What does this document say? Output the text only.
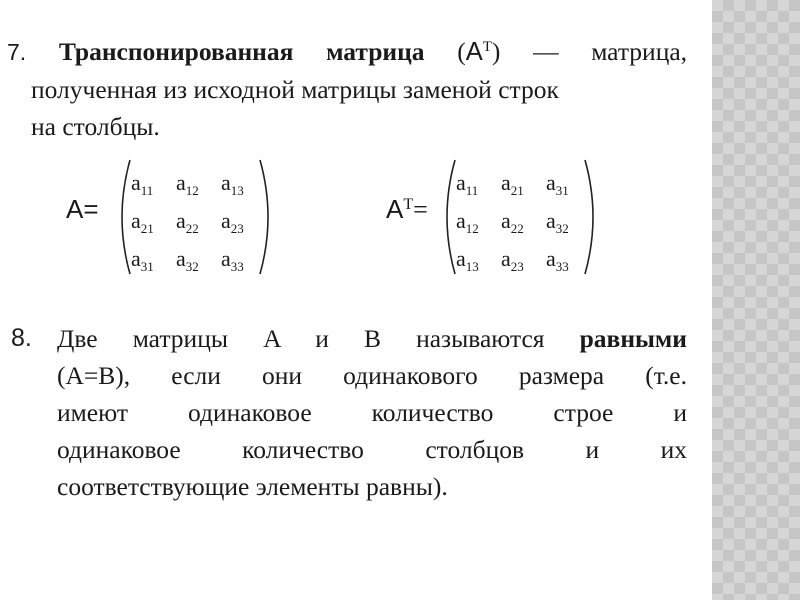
7. Транспонированная матрица $(A^T)$ — матрица,
полученная из исходной матрицы заменой строк
на столбцы.
A=
$a_{11}$ $a_{12}$ $a_{13}$
$a_{21}$ $a_{22}$ $a_{23}$
$a_{31}$ $a_{32}$ $a_{33}$
$A^T=$
$a_{11}$ $a_{21}$ $a_{31}$
$a_{12}$ $a_{22}$ $a_{32}$
$a_{13}$ $a_{23}$ $a_{33}$
8. Две матрицы A и B называются равными
(A=B), если они одинакового размера (т.е.
имеют одинаковое количество строе и
одинаковое количество столбцов и их
соответствующие элементы равны).
